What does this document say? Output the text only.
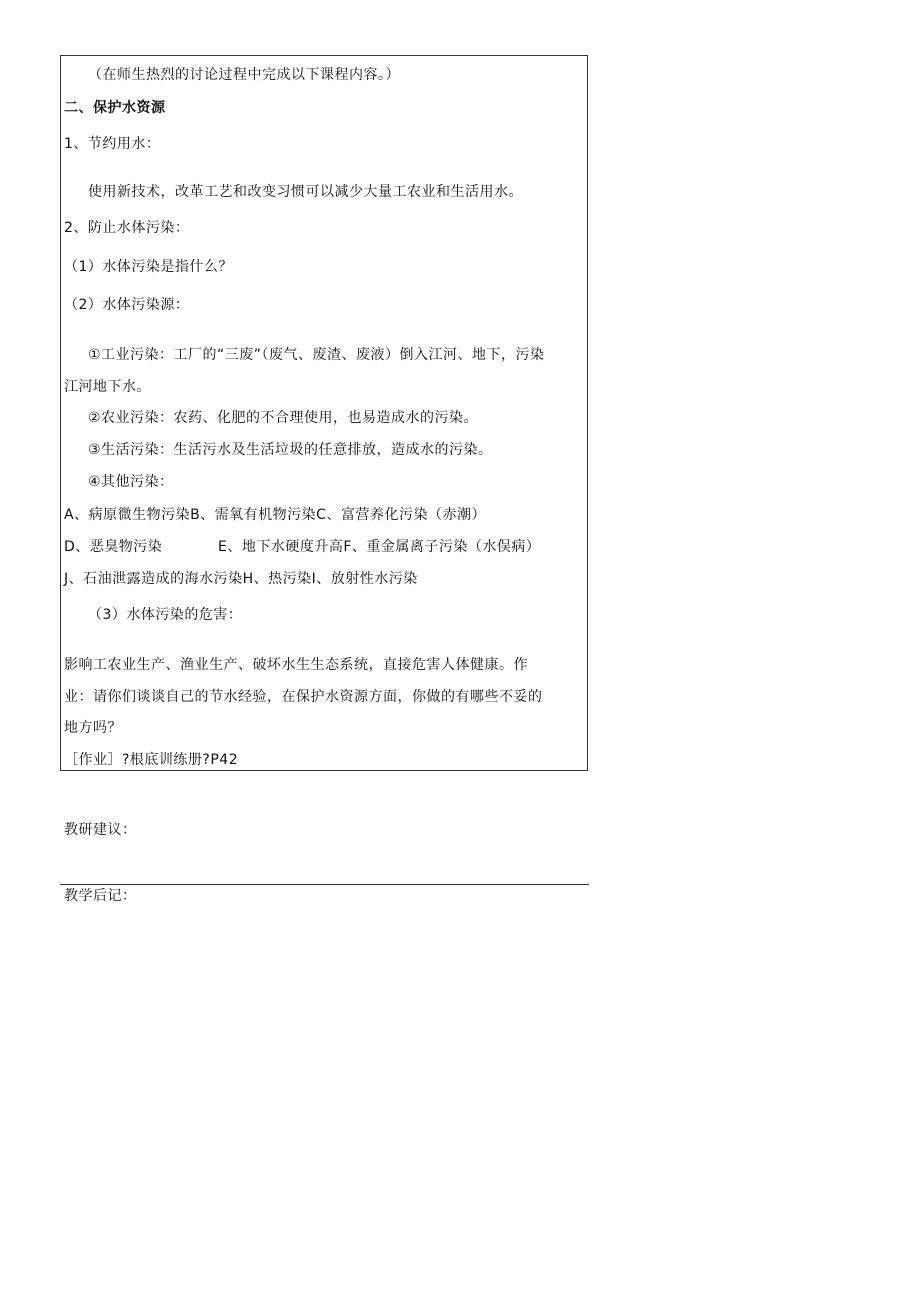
（在师生热烈的讨论过程中完成以下课程内容。）
二、保护水资源
1、节约用水：
使用新技术，改革工艺和改变习惯可以减少大量工农业和生活用水。
2、防止水体污染：
（1）水体污染是指什么？
（2）水体污染源：
①工业污染：工厂的“三废”（废气、废渣、废液）倒入江河、地下，污染
江河地下水。
②农业污染：农药、化肥的不合理使用，也易造成水的污染。
③生活污染：生活污水及生活垃圾的任意排放，造成水的污染。
④其他污染：
A、病原微生物污染B、需氧有机物污染C、富营养化污染（赤潮）
D、恶臭物污染	E、地下水硬度升高F、重金属离子污染（水俣病）
J、石油泄露造成的海水污染H、热污染I、放射性水污染
（3）水体污染的危害：
影响工农业生产、渔业生产、破坏水生生态系统，直接危害人体健康。作
业：请你们谈谈自己的节水经验，在保护水资源方面，你做的有哪些不妥的
地方吗？
［作业］?根底训练册?P42
教研建议：
教学后记：
